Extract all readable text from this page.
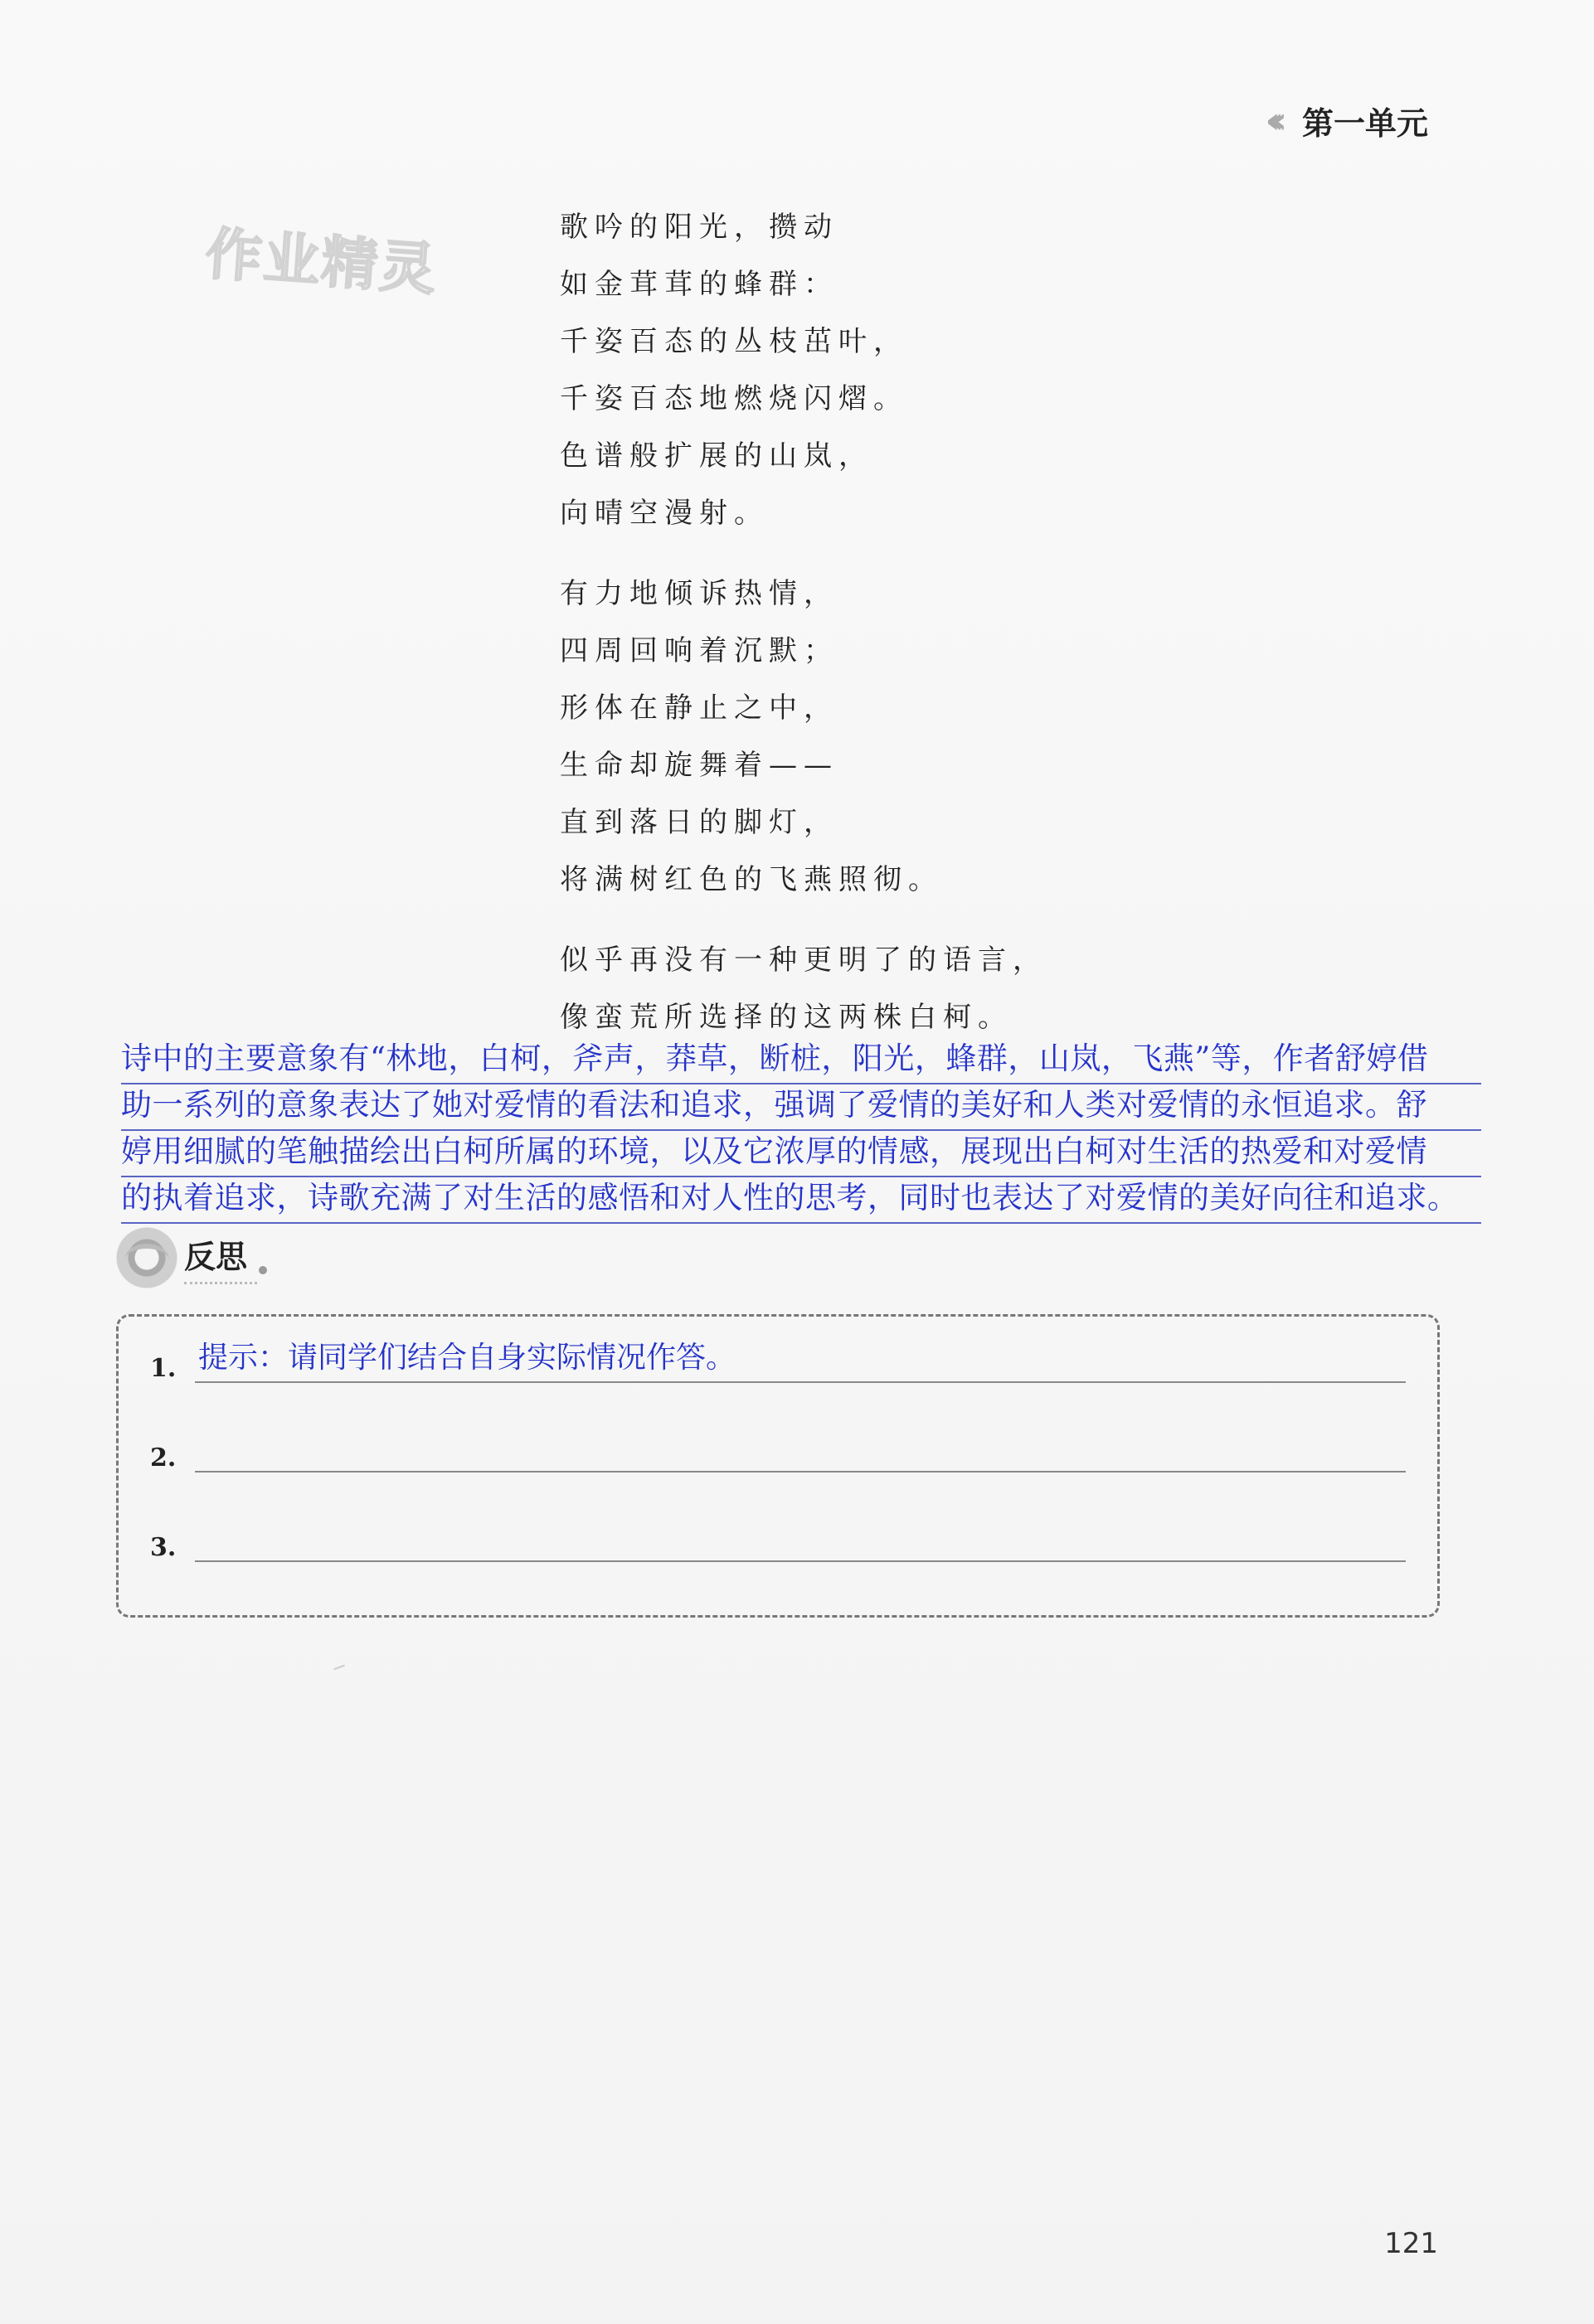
‹‹‹ 第一单元
作业精灵	歌吟的阳光，攒动
如金茸茸的蜂群：
千姿百态的丛枝茁叶，
千姿百态地燃烧闪熠。
色谱般扩展的山岚，
向晴空漫射。
有力地倾诉热情，
四周回响着沉默；
形体在静止之中，
生命却旋舞着——
直到落日的脚灯，
将满树红色的飞燕照彻。
似乎再没有一种更明了的语言，
像蛮荒所选择的这两株白柯。
诗中的主要意象有“林地，白柯，斧声，莽草，断桩，阳光，蜂群，山岚，飞燕”等，作者舒婷借
助一系列的意象表达了她对爱情的看法和追求，强调了爱情的美好和人类对爱情的永恒追求。舒
婷用细腻的笔触描绘出白柯所属的环境，以及它浓厚的情感，展现出白柯对生活的热爱和对爱情
的执着追求，诗歌充满了对生活的感悟和对人性的思考，同时也表达了对爱情的美好向往和追求。
反思
1. 提示：请同学们结合自身实际情况作答。
2.
3.
121
